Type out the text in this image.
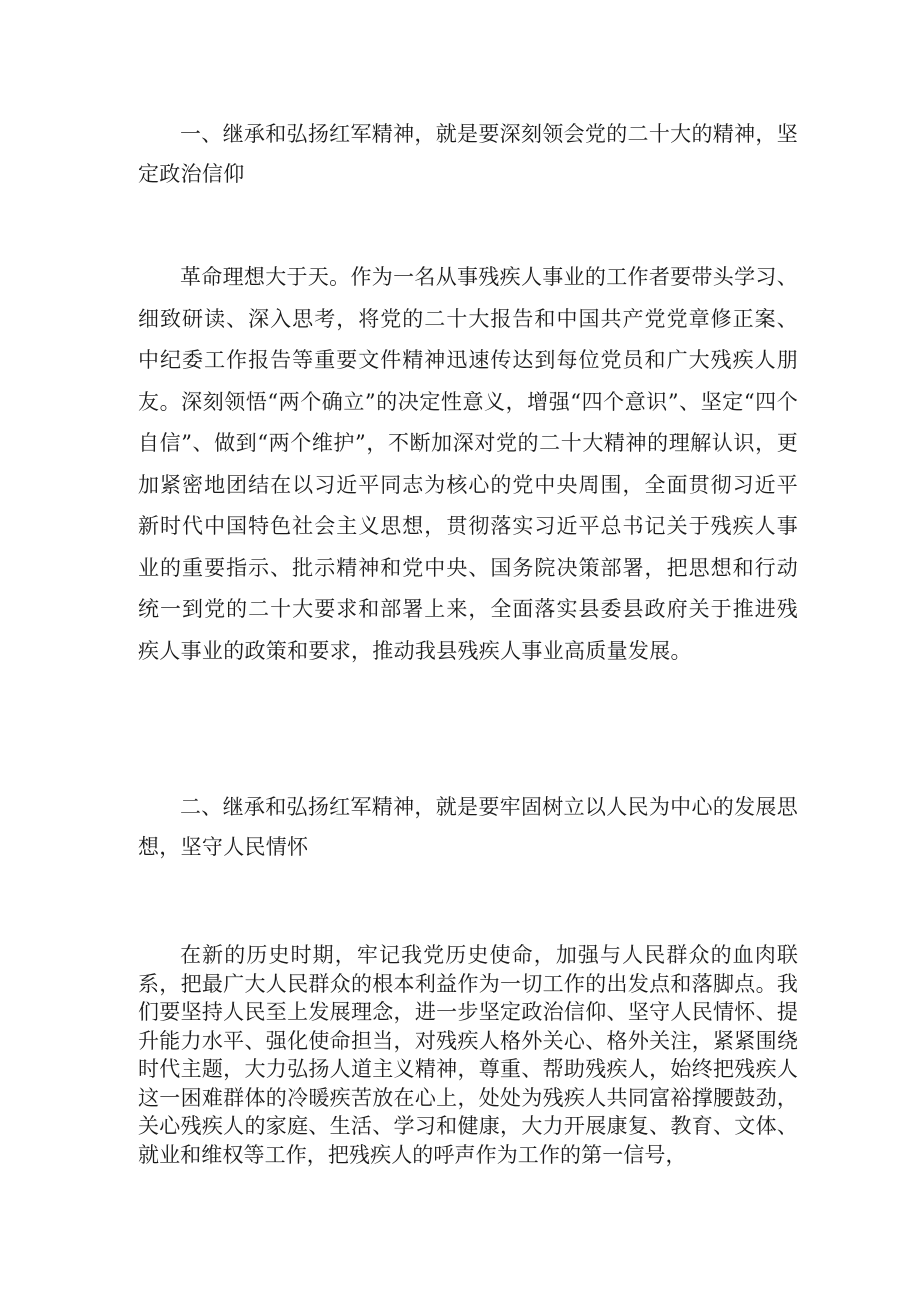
一、继承和弘扬红军精神，就是要深刻领会党的二十大的精神，坚定政治信仰

革命理想大于天。作为一名从事残疾人事业的工作者要带头学习、细致研读、深入思考，将党的二十大报告和中国共产党党章修正案、中纪委工作报告等重要文件精神迅速传达到每位党员和广大残疾人朋友。深刻领悟“两个确立”的决定性意义，增强“四个意识”、坚定“四个自信”、做到“两个维护”，不断加深对党的二十大精神的理解认识，更加紧密地团结在以习近平同志为核心的党中央周围，全面贯彻习近平新时代中国特色社会主义思想，贯彻落实习近平总书记关于残疾人事业的重要指示、批示精神和党中央、国务院决策部署，把思想和行动统一到党的二十大要求和部署上来，全面落实县委县政府关于推进残疾人事业的政策和要求，推动我县残疾人事业高质量发展。

二、继承和弘扬红军精神，就是要牢固树立以人民为中心的发展思想，坚守人民情怀

在新的历史时期，牢记我党历史使命，加强与人民群众的血肉联系，把最广大人民群众的根本利益作为一切工作的出发点和落脚点。我们要坚持人民至上发展理念，进一步坚定政治信仰、坚守人民情怀、提升能力水平、强化使命担当，对残疾人格外关心、格外关注，紧紧围绕时代主题，大力弘扬人道主义精神，尊重、帮助残疾人，始终把残疾人这一困难群体的冷暖疾苦放在心上，处处为残疾人共同富裕撑腰鼓劲，关心残疾人的家庭、生活、学习和健康，大力开展康复、教育、文体、就业和维权等工作，把残疾人的呼声作为工作的第一信号，
